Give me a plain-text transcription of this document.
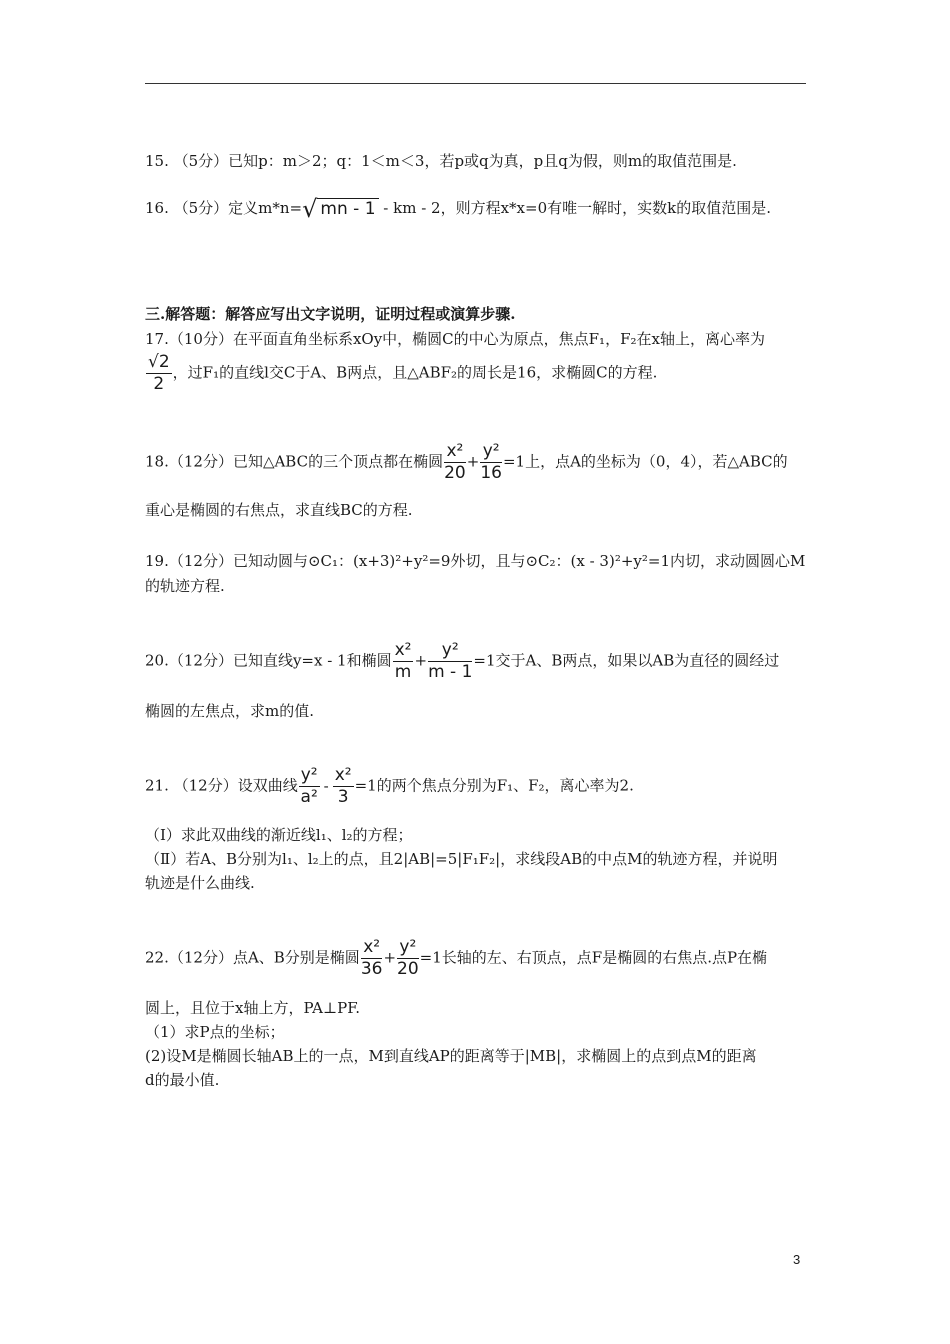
15. （5分）已知p：m＞2；q：1＜m＜3，若p或q为真，p且q为假，则m的取值范围是.
16. （5分）定义m*n=√ mn - 1 - km - 2，则方程x*x=0有唯一解时，实数k的取值范围是.
三.解答题：解答应写出文字说明，证明过程或演算步骤.
17.（10分）在平面直角坐标系xOy中，椭圆C的中心为原点，焦点F₁，F₂在x轴上，离心率为
$\frac{√2}{2}$ ，过F₁的直线l交C于A、B两点，且△ABF₂的周长是16，求椭圆C的方程.
18.（12分）已知△ABC的三个顶点都在椭圆 $\frac{\text{x²}}{20} + \frac{\text{y²}}{16} =1$上，点A的坐标为（0，4），若△ABC的
重心是椭圆的右焦点，求直线BC的方程.
19.（12分）已知动圆与⊙C₁：(x+3)²+y²=9外切，且与⊙C₂：(x - 3)²+y²=1内切，求动圆圆心M
的轨迹方程.
20.（12分）已知直线y=x - 1和椭圆 $\frac{\text{x²}}{m} + \frac{\text{y²}}{m - 1} =1$交于A、B两点，如果以AB为直径的圆经过
椭圆的左焦点，求m的值.
21. （12分）设双曲线 $\frac{\text{y²}}{\text{a²}} - \frac{\text{x²}}{3} =1$的两个焦点分别为F₁、F₂，离心率为2.
（Ⅰ）求此双曲线的渐近线l₁、l₂的方程；
（Ⅱ）若A、B分别为l₁、l₂上的点，且2|AB|=5|F₁F₂|，求线段AB的中点M的轨迹方程，并说明
轨迹是什么曲线.
22.（12分）点A、B分别是椭圆 $\frac{\text{x²}}{36} + \frac{\text{y²}}{20} =1$长轴的左、右顶点，点F是椭圆的右焦点.点P在椭
圆上，且位于x轴上方，PA⊥PF.
（1）求P点的坐标；
(2)设M是椭圆长轴AB上的一点，M到直线AP的距离等于|MB|，求椭圆上的点到点M的距离
d的最小值.
3
